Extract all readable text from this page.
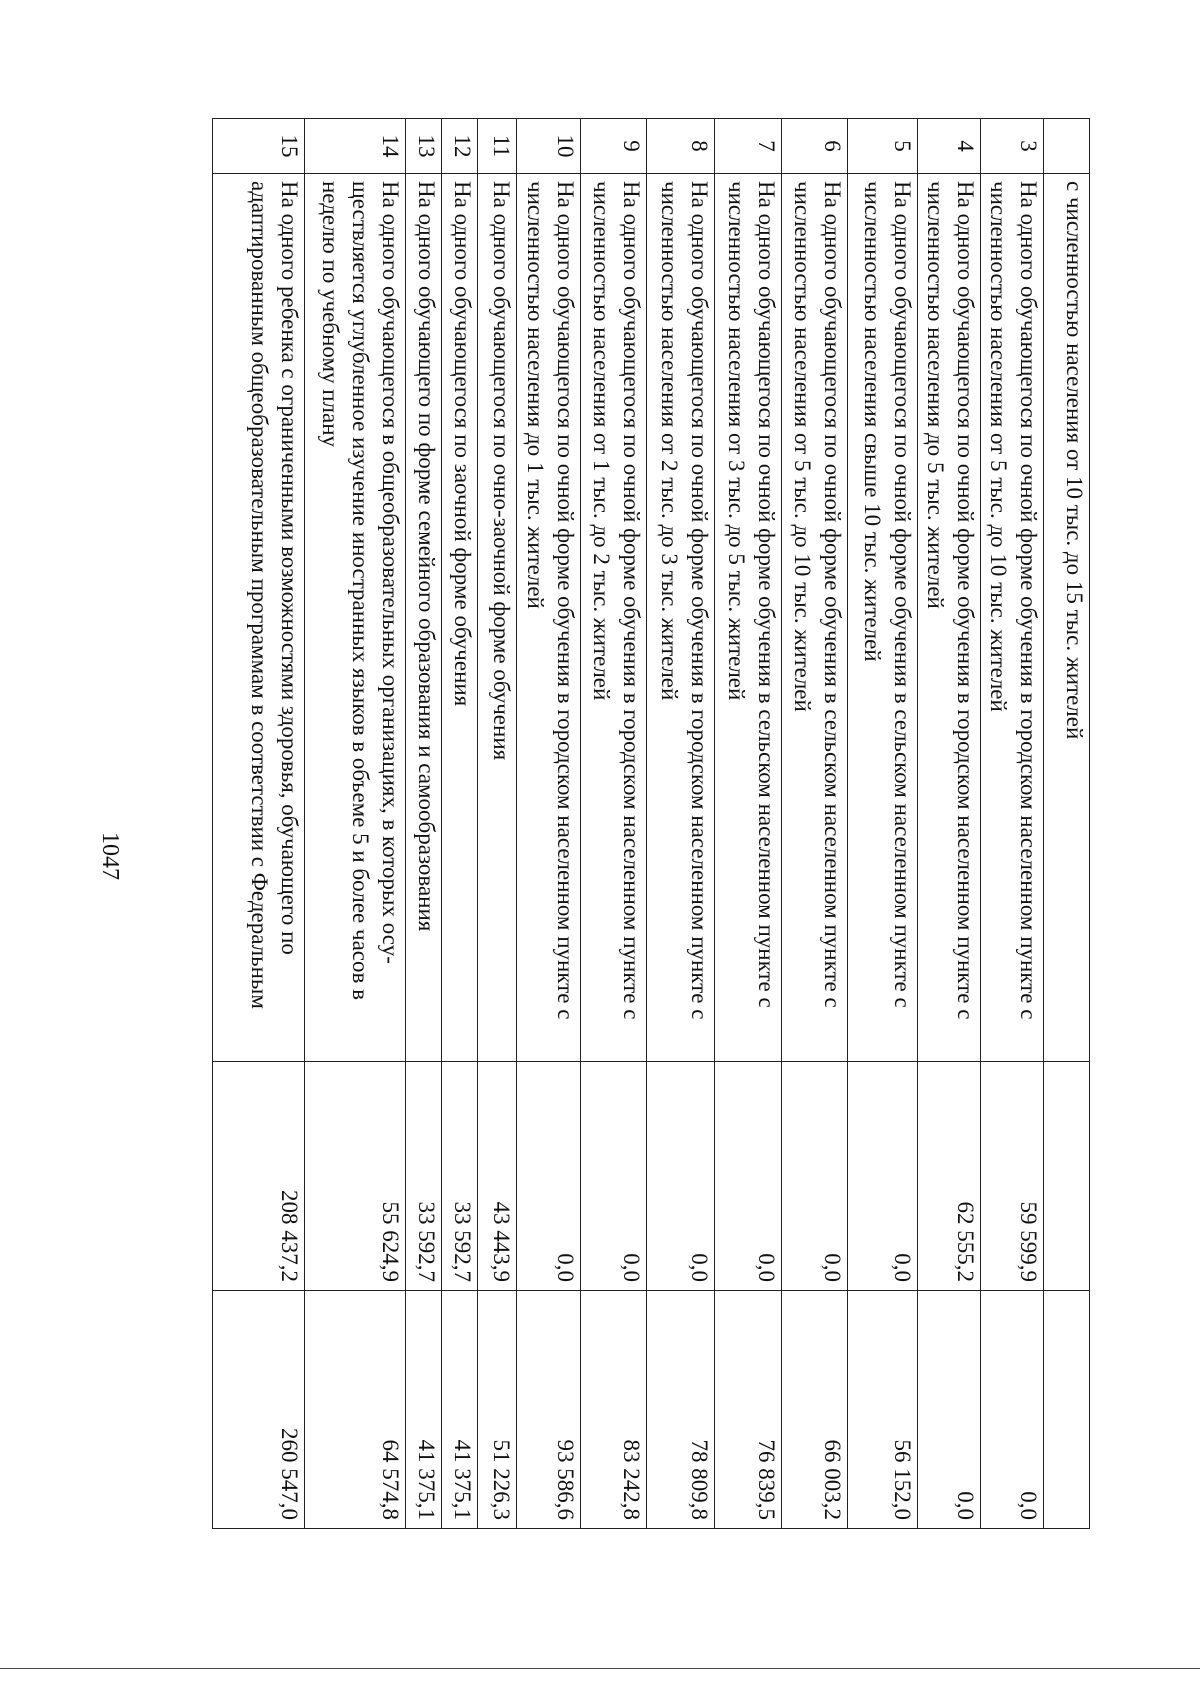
1047
	с численностью населения от 10 тыс. до 15 тыс. жителей		
3	На одного обучающегося по очной форме обучения в городском населенном пункте с численностью населения от 5 тыс. до 10 тыс. жителей	59 599,9	0,0
4	На одного обучающегося по очной форме обучения в городском населенном пункте с численностью населения до 5 тыс. жителей	62 555,2	0,0
5	На одного обучающегося по очной форме обучения в сельском населенном пункте с численностью населения свыше 10 тыс. жителей	0,0	56 152,0
6	На одного обучающегося по очной форме обучения в сельском населенном пункте с численностью населения от 5 тыс. до 10 тыс. жителей	0,0	66 003,2
7	На одного обучающегося по очной форме обучения в сельском населенном пункте с численностью населения от 3 тыс. до 5 тыс. жителей	0,0	76 839,5
8	На одного обучающегося по очной форме обучения в городском населенном пункте с численностью населения от 2 тыс. до 3 тыс. жителей	0,0	78 809,8
9	На одного обучающегося по очной форме обучения в городском населенном пункте с численностью населения от 1 тыс. до 2 тыс. жителей	0,0	83 242,8
10	На одного обучающегося по очной форме обучения в городском населенном пункте с численностью населения до 1 тыс. жителей	0,0	93 586,6
11	На одного обучающегося по очно-заочной форме обучения	43 443,9	51 226,3
12	На одного обучающегося по заочной форме обучения	33 592,7	41 375,1
13	На одного обучающего по форме семейного образования и самообразования	33 592,7	41 375,1
14	На одного обучающегося в общеобразовательных организациях, в которых осу-ществляется углубленное изучение иностранных языков в объеме 5 и более часов в неделю по учебному плану	55 624,9	64 574,8
15	На одного ребенка с ограниченными возможностями здоровья, обучающего по адаптированным общеобразовательным программам в соответствии с Федеральным	208 437,2	260 547,0
